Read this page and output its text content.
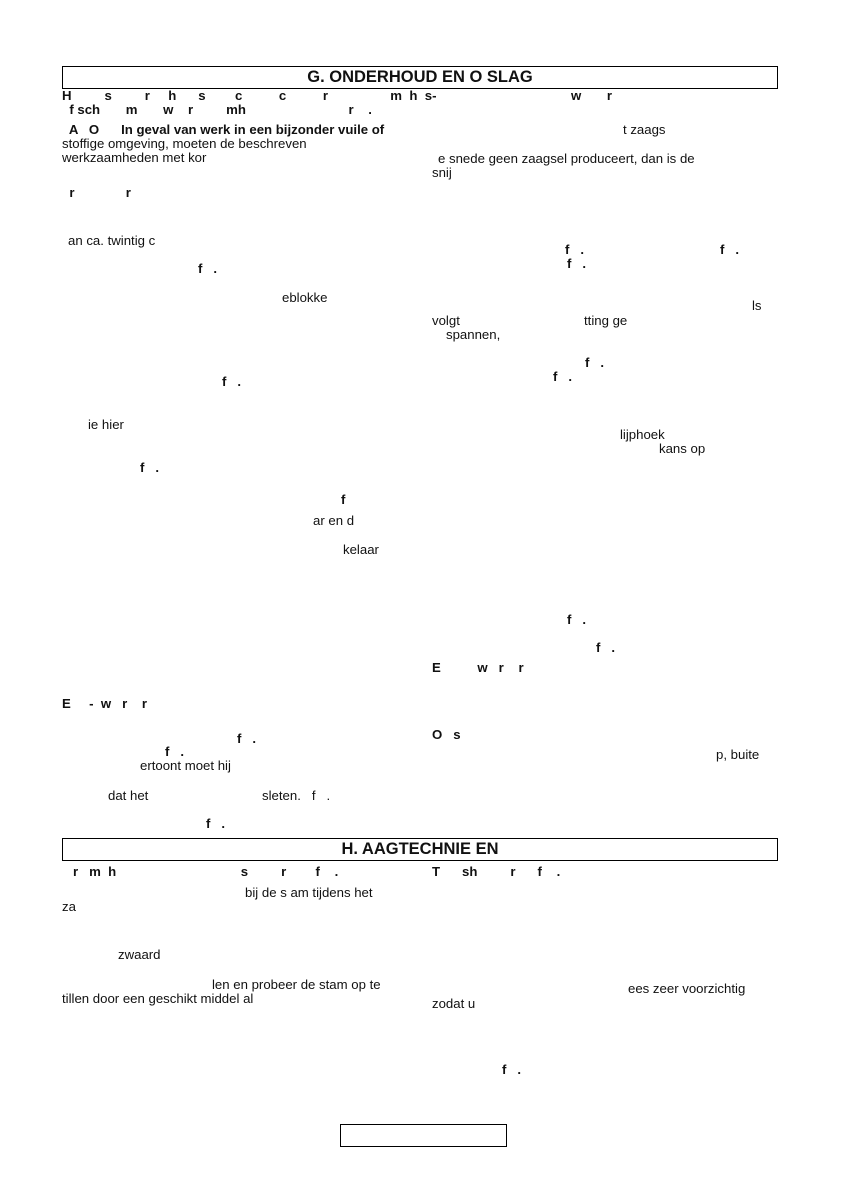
G. ONDERHOUD EN O SLAG
H         s         r     h      s        c          c          r                 m  h  s-
f sch       m       w    r         mh                            r    .
A   O      In geval van werk in een bijzonder vuile of
stoffige omgeving, moeten de beschreven
werkzaamheden met kor
r              r
an ca. twintig c
f   .
eblokke
f   .
ie hier
f   .
f
ar en d
kelaar
E     -  w   r    r
f   .
f   .
ertoont moet hij
dat het	sleten.   f   .
f   .
w       r
t zaags
e snede geen zaagsel produceert, dan is de
snij
f   .	f   .
f   .
ls
volgt	tting ge
spannen,
f   .
f   .
lijphoek
kans op
f   .
f   .
E          w   r    r
O   s
p, buite
H. AAGTECHNIE EN
r   m  h                                  s         r        f    .
bij de s am tijdens het
za
zwaard
len en probeer de stam op te
tillen door een geschikt middel al
T      sh         r      f    .
ees zeer voorzichtig
zodat u
f   .
